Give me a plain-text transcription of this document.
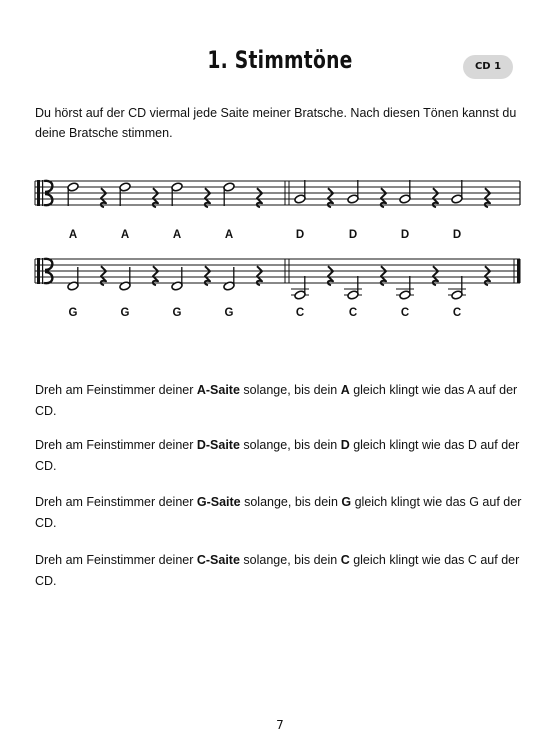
1. Stimmtöne	CD 1
Du hörst auf der CD viermal jede Saite meiner Bratsche. Nach diesen Tönen kannst du deine Bratsche stimmen.
A	A	A	A	D	D	D	D
G	G	G	G	C	C	C	C
Dreh am Feinstimmer deiner A-Saite solange, bis dein A gleich klingt wie das A auf der CD.
Dreh am Feinstimmer deiner D-Saite solange, bis dein D gleich klingt wie das D auf der CD.
Dreh am Feinstimmer deiner G-Saite solange, bis dein G gleich klingt wie das G auf der CD.
Dreh am Feinstimmer deiner C-Saite solange, bis dein C gleich klingt wie das C auf der CD.
7
